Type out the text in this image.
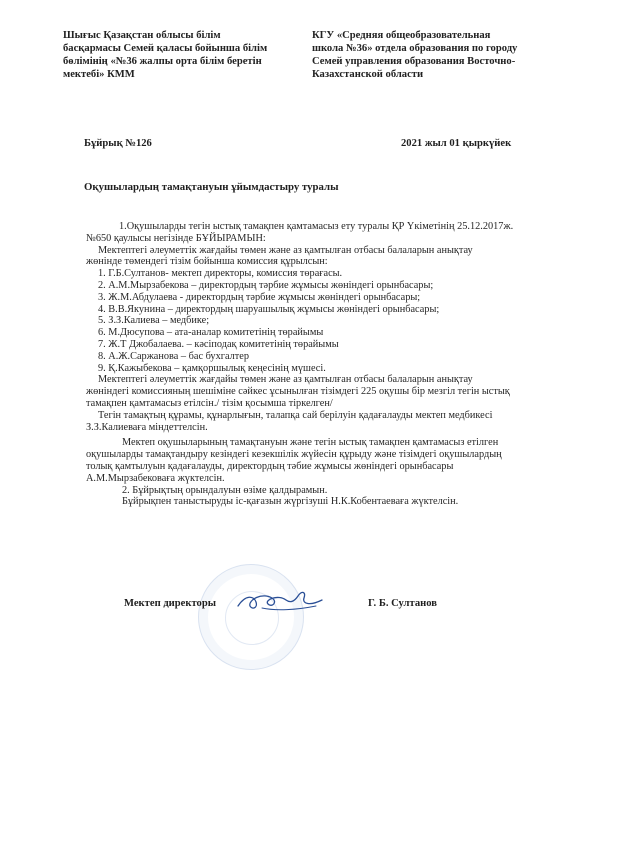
Шығыс Қазақстан облысы білім
басқармасы Семей қаласы бойынша білім
бөлімінің «№36 жалпы орта білім беретін
мектебі» КММ
КГУ «Средняя общеобразовательная
школа №36» отдела образования по городу
Семей управления образования Восточно-
Казахстанской области
Бұйрық №126	2021 жыл 01 қыркүйек
Оқушылардың тамақтануын ұйымдастыру туралы
1.Оқушыларды тегін ыстық тамақпен қамтамасыз ету туралы ҚР Үкіметінің 25.12.2017ж.
№650 қаулысы негізінде БҰЙЫРАМЫН:
Мектептегі әлеуметтік жағдайы төмен және аз қамтылған отбасы балаларын анықтау
жөнінде төмендегі тізім бойынша комиссия құрылсын:
1. Г.Б.Султанов- мектеп директоры, комиссия төрағасы.
2. А.М.Мырзабекова – директордың тәрбие жұмысы жөніндегі орынбасары;
3. Ж.М.Абдулаева - директордың тәрбие жұмысы жөніндегі орынбасары;
4. В.В.Якунина – директордың шаруашылық жұмысы жөніндегі орынбасары;
5. З.З.Калиева – медбике;
6. М.Дюсупова – ата-аналар комитетінің төрайымы
7. Ж.Т Джобалаева. – кәсіподақ комитетінің төрайымы
8. А.Ж.Саржанова – бас бухгалтер
9. Қ.Кажыбекова – қамқоршылық кеңесінің мүшесі.
Мектептегі әлеуметтік жағдайы төмен және аз қамтылған отбасы балаларын анықтау
жөніндегі комиссияның шешіміне сәйкес ұсынылған тізімдегі 225 оқушы бір мезгіл тегін ыстық
тамақпен қамтамасыз етілсін./ тізім қосымша тіркелген/
Тегін тамақтың құрамы, құнарлығын, талапқа сай берілуін қадағалауды мектеп медбикесі
З.З.Калиеваға міндеттелсін.
Мектеп оқушыларының тамақтануын және тегін ыстық тамақпен қамтамасыз етілген
оқушыларды тамақтандыру кезіндегі кезекшілік жүйесін құрыду және тізімдегі оқушылардың
толық қамтылуын қадағалауды, директордың тәбие жұмысы жөніндегі орынбасары
А.М.Мырзабековаға жүктелсін.
2. Бұйрықтың орындалуын өзіме қалдырамын.
Бұйрықпен таныстыруды іс-қағазын жүргізуші Н.К.Кобентаеваға жүктелсін.
Мектеп директоры	Г. Б. Султанов
